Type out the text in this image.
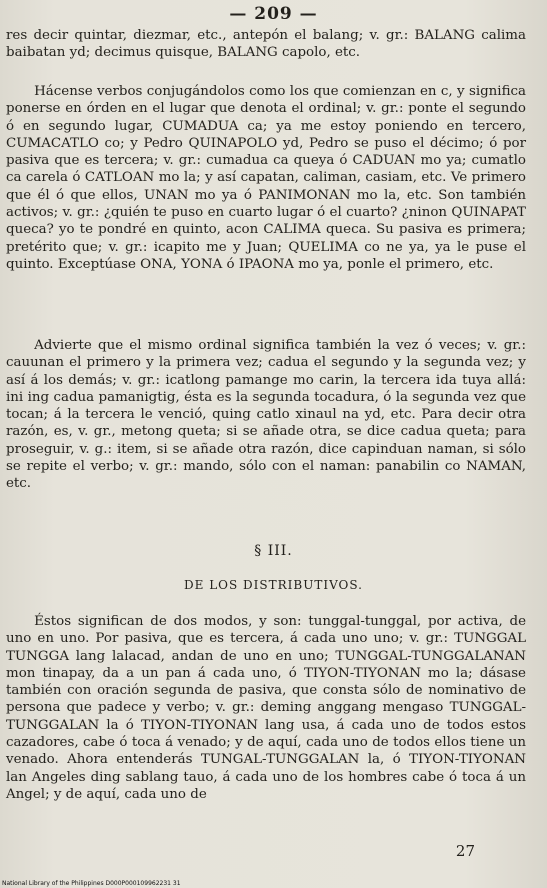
— 209 —

res decir quintar, diezmar, etc., antepón el balang; v. gr.: BALANG calima baibatan yd; decimus quisque, BALANG capolo, etc.

Hácense verbos conjugándolos como los que comienzan en c, y significa ponerse en órden en el lugar que denota el ordinal; v. gr.: ponte el segundo ó en segundo lugar, CUMADUA ca; ya me estoy poniendo en tercero, CUMACATLO co; y Pedro QUINAPOLO yd, Pedro se puso el décimo; ó por pasiva que es tercera; v. gr.: cumadua ca queya ó CADUAN mo ya; cumatlo ca carela ó CATLOAN mo la; y así capatan, caliman, casiam, etc. Ve primero que él ó que ellos, UNAN mo ya ó PANIMONAN mo la, etc. Son también activos; v. gr.: ¿quién te puso en cuarto lugar ó el cuarto? ¿ninon QUINAPAT queca? yo te pondré en quinto, acon CALIMA queca. Su pasiva es primera; pretérito que; v. gr.: icapito me y Juan; QUELIMA co ne ya, ya le puse el quinto. Exceptúase ONA, YONA ó IPAONA mo ya, ponle el primero, etc.

Advierte que el mismo ordinal significa también la vez ó veces; v. gr.: cauunan el primero y la primera vez; cadua el segundo y la segunda vez; y así á los demás; v. gr.: icatlong pamange mo carin, la tercera ida tuya allá: ini ing cadua pamanigtig, ésta es la segunda tocadura, ó la segunda vez que tocan; á la tercera le venció, quing catlo xinaul na yd, etc. Para decir otra razón, es, v. gr., metong queta; si se añade otra, se dice cadua queta; para proseguir, v. g.: item, si se añade otra razón, dice capinduan naman, si sólo se repite el verbo; v. gr.: mando, sólo con el naman: panabilin co NAMAN, etc.

§ III.
DE LOS DISTRIBUTIVOS.

Éstos significan de dos modos, y son: tunggal-tunggal, por activa, de uno en uno. Por pasiva, que es tercera, á cada uno uno; v. gr.: TUNGGAL TUNGGA lang lalacad, andan de uno en uno; TUNGGAL-TUNGGALANAN mon tinapay, da a un pan á cada uno, ó TIYON-TIYONAN mo la; dásase también con oración segunda de pasiva, que consta sólo de nominativo de persona que padece y verbo; v. gr.: deming anggang mengaso TUNGGAL-TUNGGALAN la ó TIYON-TIYONAN lang usa, á cada uno de todos estos cazadores, cabe ó toca á venado; y de aquí, cada uno de todos ellos tiene un venado. Ahora entenderás TUNGAL-TUNGGALAN la, ó TIYON-TIYONAN lan Angeles ding sablang tauo, á cada uno de los hombres cabe ó toca á un Angel; y de aquí, cada uno de

27
National Library of the Philippines D000P000109962231 31
